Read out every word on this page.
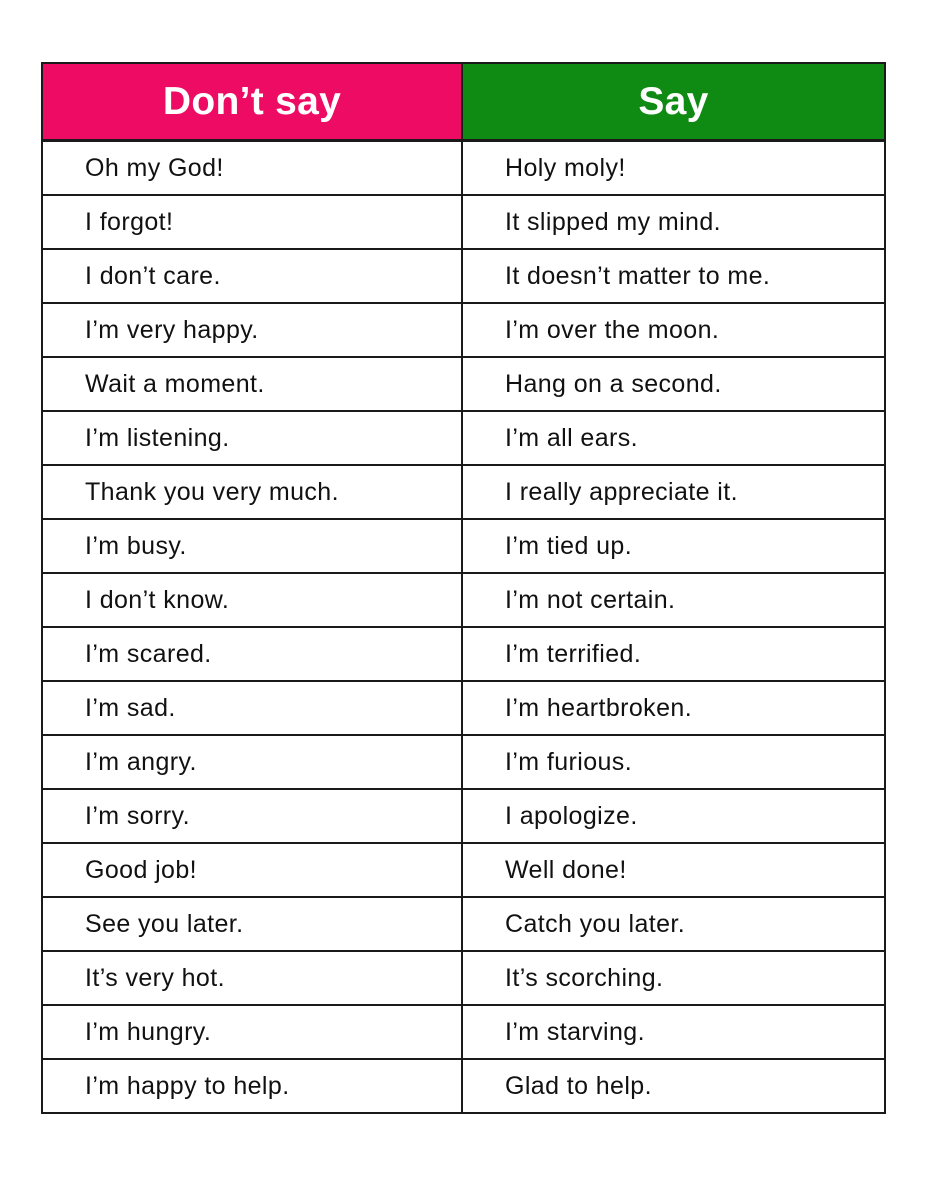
Don’t say	Say
Oh my God!	Holy moly!
I forgot!	It slipped my mind.
I don’t care.	It doesn’t matter to me.
I’m very happy.	I’m over the moon.
Wait a moment.	Hang on a second.
I’m listening.	I’m all ears.
Thank you very much.	I really appreciate it.
I’m busy.	I’m tied up.
I don’t know.	I’m not certain.
I’m scared.	I’m terrified.
I’m sad.	I’m heartbroken.
I’m angry.	I’m furious.
I’m sorry.	I apologize.
Good job!	Well done!
See you later.	Catch you later.
It’s very hot.	It’s scorching.
I’m hungry.	I’m starving.
I’m happy to help.	Glad to help.
